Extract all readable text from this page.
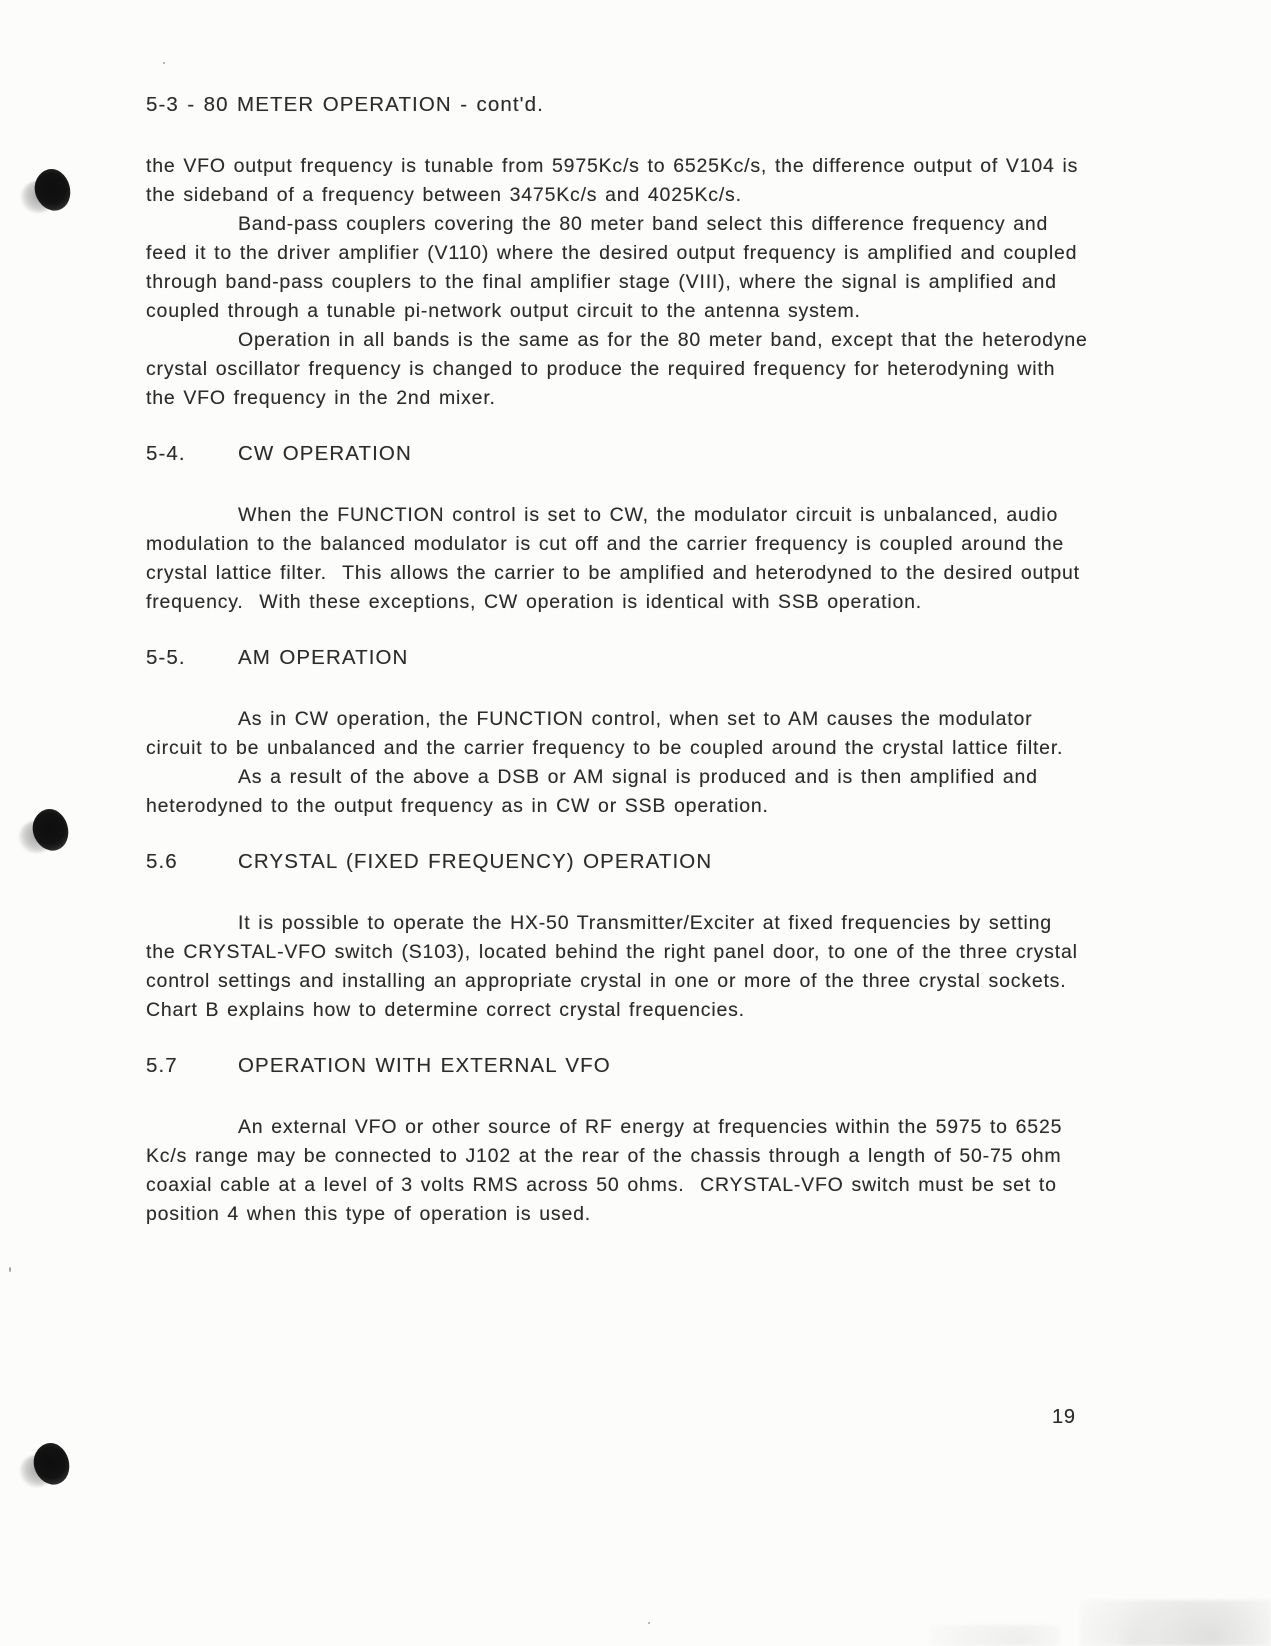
5-3 - 80 METER OPERATION - cont'd.

the VFO output frequency is tunable from 5975Kc/s to 6525Kc/s, the difference output of V104 is the sideband of a frequency between 3475Kc/s and 4025Kc/s.

Band-pass couplers covering the 80 meter band select this difference frequency and feed it to the driver amplifier (V110) where the desired output frequency is amplified and coupled through band-pass couplers to the final amplifier stage (VIII), where the signal is amplified and coupled through a tunable pi-network output circuit to the antenna system.

Operation in all bands is the same as for the 80 meter band, except that the heterodyne crystal oscillator frequency is changed to produce the required frequency for heterodyning with the VFO frequency in the 2nd mixer.

5-4.	CW OPERATION

When the FUNCTION control is set to CW, the modulator circuit is unbalanced, audio modulation to the balanced modulator is cut off and the carrier frequency is coupled around the crystal lattice filter.  This allows the carrier to be amplified and heterodyned to the desired output frequency.  With these exceptions, CW operation is identical with SSB operation.

5-5.	AM OPERATION

As in CW operation, the FUNCTION control, when set to AM causes the modulator circuit to be unbalanced and the carrier frequency to be coupled around the crystal lattice filter.

As a result of the above a DSB or AM signal is produced and is then amplified and heterodyned to the output frequency as in CW or SSB operation.

5.6	CRYSTAL (FIXED FREQUENCY) OPERATION

It is possible to operate the HX-50 Transmitter/Exciter at fixed frequencies by setting the CRYSTAL-VFO switch (S103), located behind the right panel door, to one of the three crystal control settings and installing an appropriate crystal in one or more of the three crystal sockets.  Chart B explains how to determine correct crystal frequencies.

5.7	OPERATION WITH EXTERNAL VFO

An external VFO or other source of RF energy at frequencies within the 5975 to 6525 Kc/s range may be connected to J102 at the rear of the chassis through a length of 50-75 ohm coaxial cable at a level of 3 volts RMS across 50 ohms.  CRYSTAL-VFO switch must be set to position 4 when this type of operation is used.

19
